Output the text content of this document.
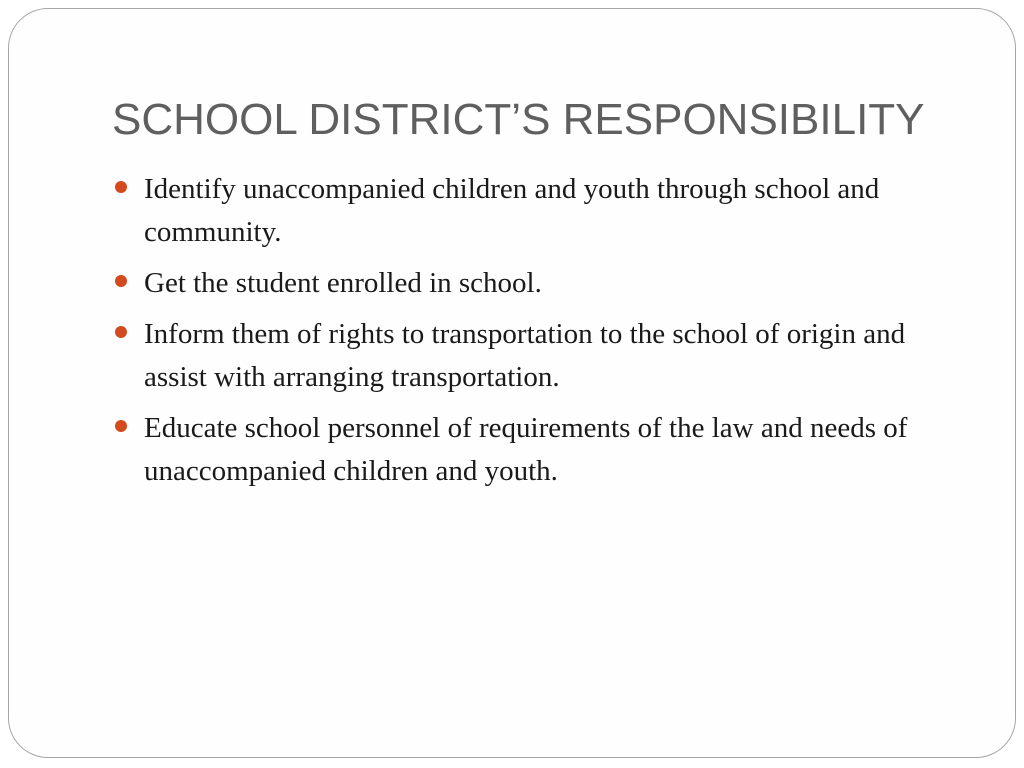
SCHOOL DISTRICT’S RESPONSIBILITY
Identify unaccompanied children and youth through school and community.
Get the student enrolled in school.
Inform them of rights to transportation to the school of origin and assist with arranging transportation.
Educate school personnel of requirements of the law and needs of unaccompanied children and youth.
